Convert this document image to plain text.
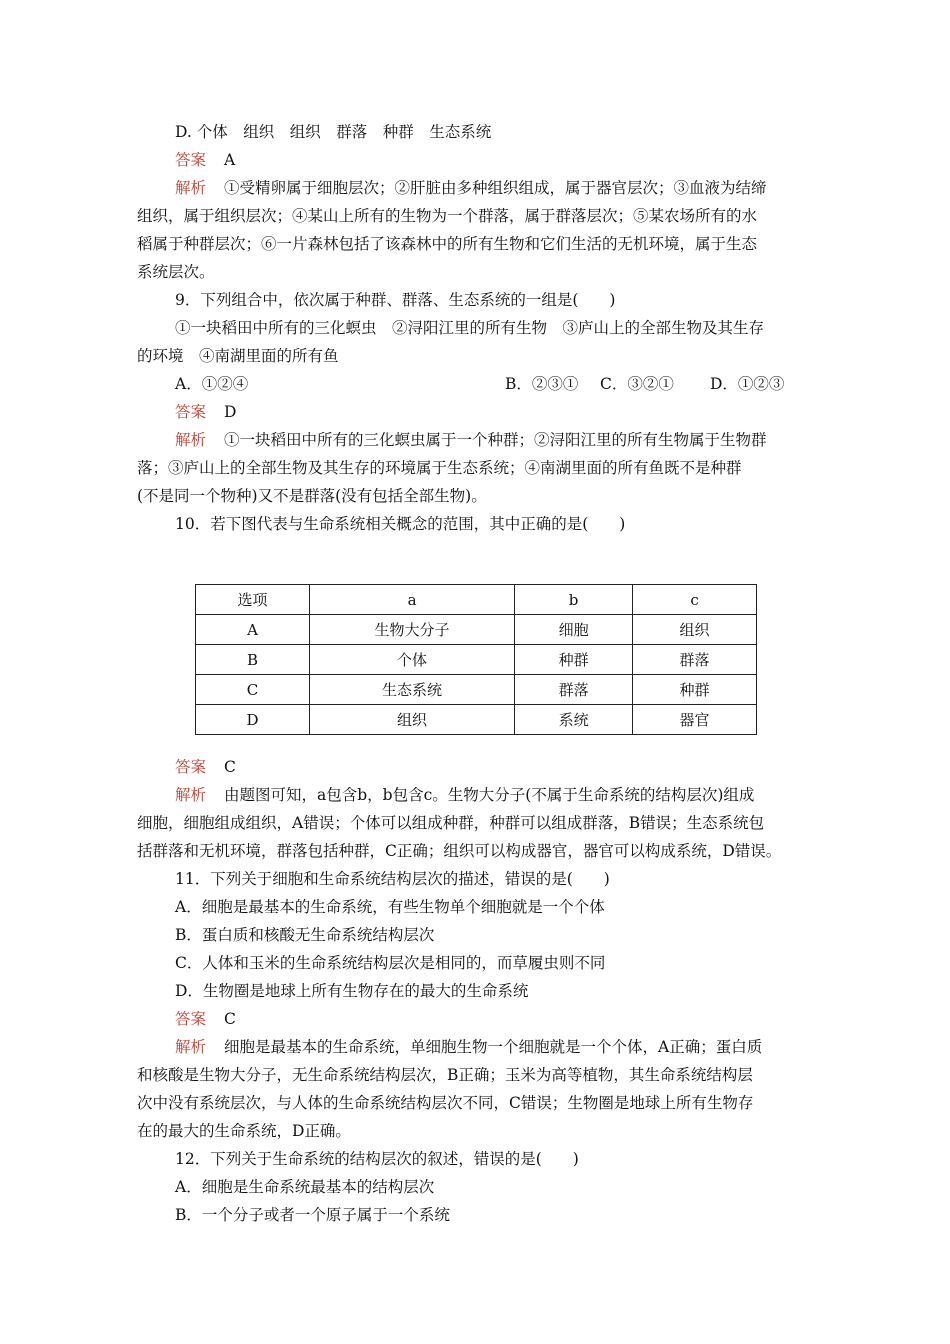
D. 个体　组织　组织　群落　种群　生态系统
答案 A
解析 ①受精卵属于细胞层次；②肝脏由多种组织组成，属于器官层次；③血液为结缔
组织，属于组织层次；④某山上所有的生物为一个群落，属于群落层次；⑤某农场所有的水
稻属于种群层次；⑥一片森林包括了该森林中的所有生物和它们生活的无机环境，属于生态
系统层次。
9．下列组合中，依次属于种群、群落、生态系统的一组是(　　)
①一块稻田中所有的三化螟虫　②浔阳江里的所有生物　③庐山上的全部生物及其生存
的环境　④南湖里面的所有鱼
A．①②④	B．②③① C．③②① D．①②③
答案 D
解析 ①一块稻田中所有的三化螟虫属于一个种群；②浔阳江里的所有生物属于生物群
落；③庐山上的全部生物及其生存的环境属于生态系统；④南湖里面的所有鱼既不是种群
(不是同一个物种)又不是群落(没有包括全部生物)。
10．若下图代表与生命系统相关概念的范围，其中正确的是(　　)
选项	a	b	c
A	生物大分子	细胞	组织
B	个体	种群	群落
C	生态系统	群落	种群
D	组织	系统	器官
答案 C
解析 由题图可知，a包含b，b包含c。生物大分子(不属于生命系统的结构层次)组成
细胞，细胞组成组织，A错误；个体可以组成种群，种群可以组成群落，B错误；生态系统包
括群落和无机环境，群落包括种群，C正确；组织可以构成器官，器官可以构成系统，D错误。
11．下列关于细胞和生命系统结构层次的描述，错误的是(　　)
A．细胞是最基本的生命系统，有些生物单个细胞就是一个个体
B．蛋白质和核酸无生命系统结构层次
C．人体和玉米的生命系统结构层次是相同的，而草履虫则不同
D．生物圈是地球上所有生物存在的最大的生命系统
答案 C
解析 细胞是最基本的生命系统，单细胞生物一个细胞就是一个个体，A正确；蛋白质
和核酸是生物大分子，无生命系统结构层次，B正确；玉米为高等植物，其生命系统结构层
次中没有系统层次，与人体的生命系统结构层次不同，C错误；生物圈是地球上所有生物存
在的最大的生命系统，D正确。
12．下列关于生命系统的结构层次的叙述，错误的是(　　)
A．细胞是生命系统最基本的结构层次
B．一个分子或者一个原子属于一个系统
